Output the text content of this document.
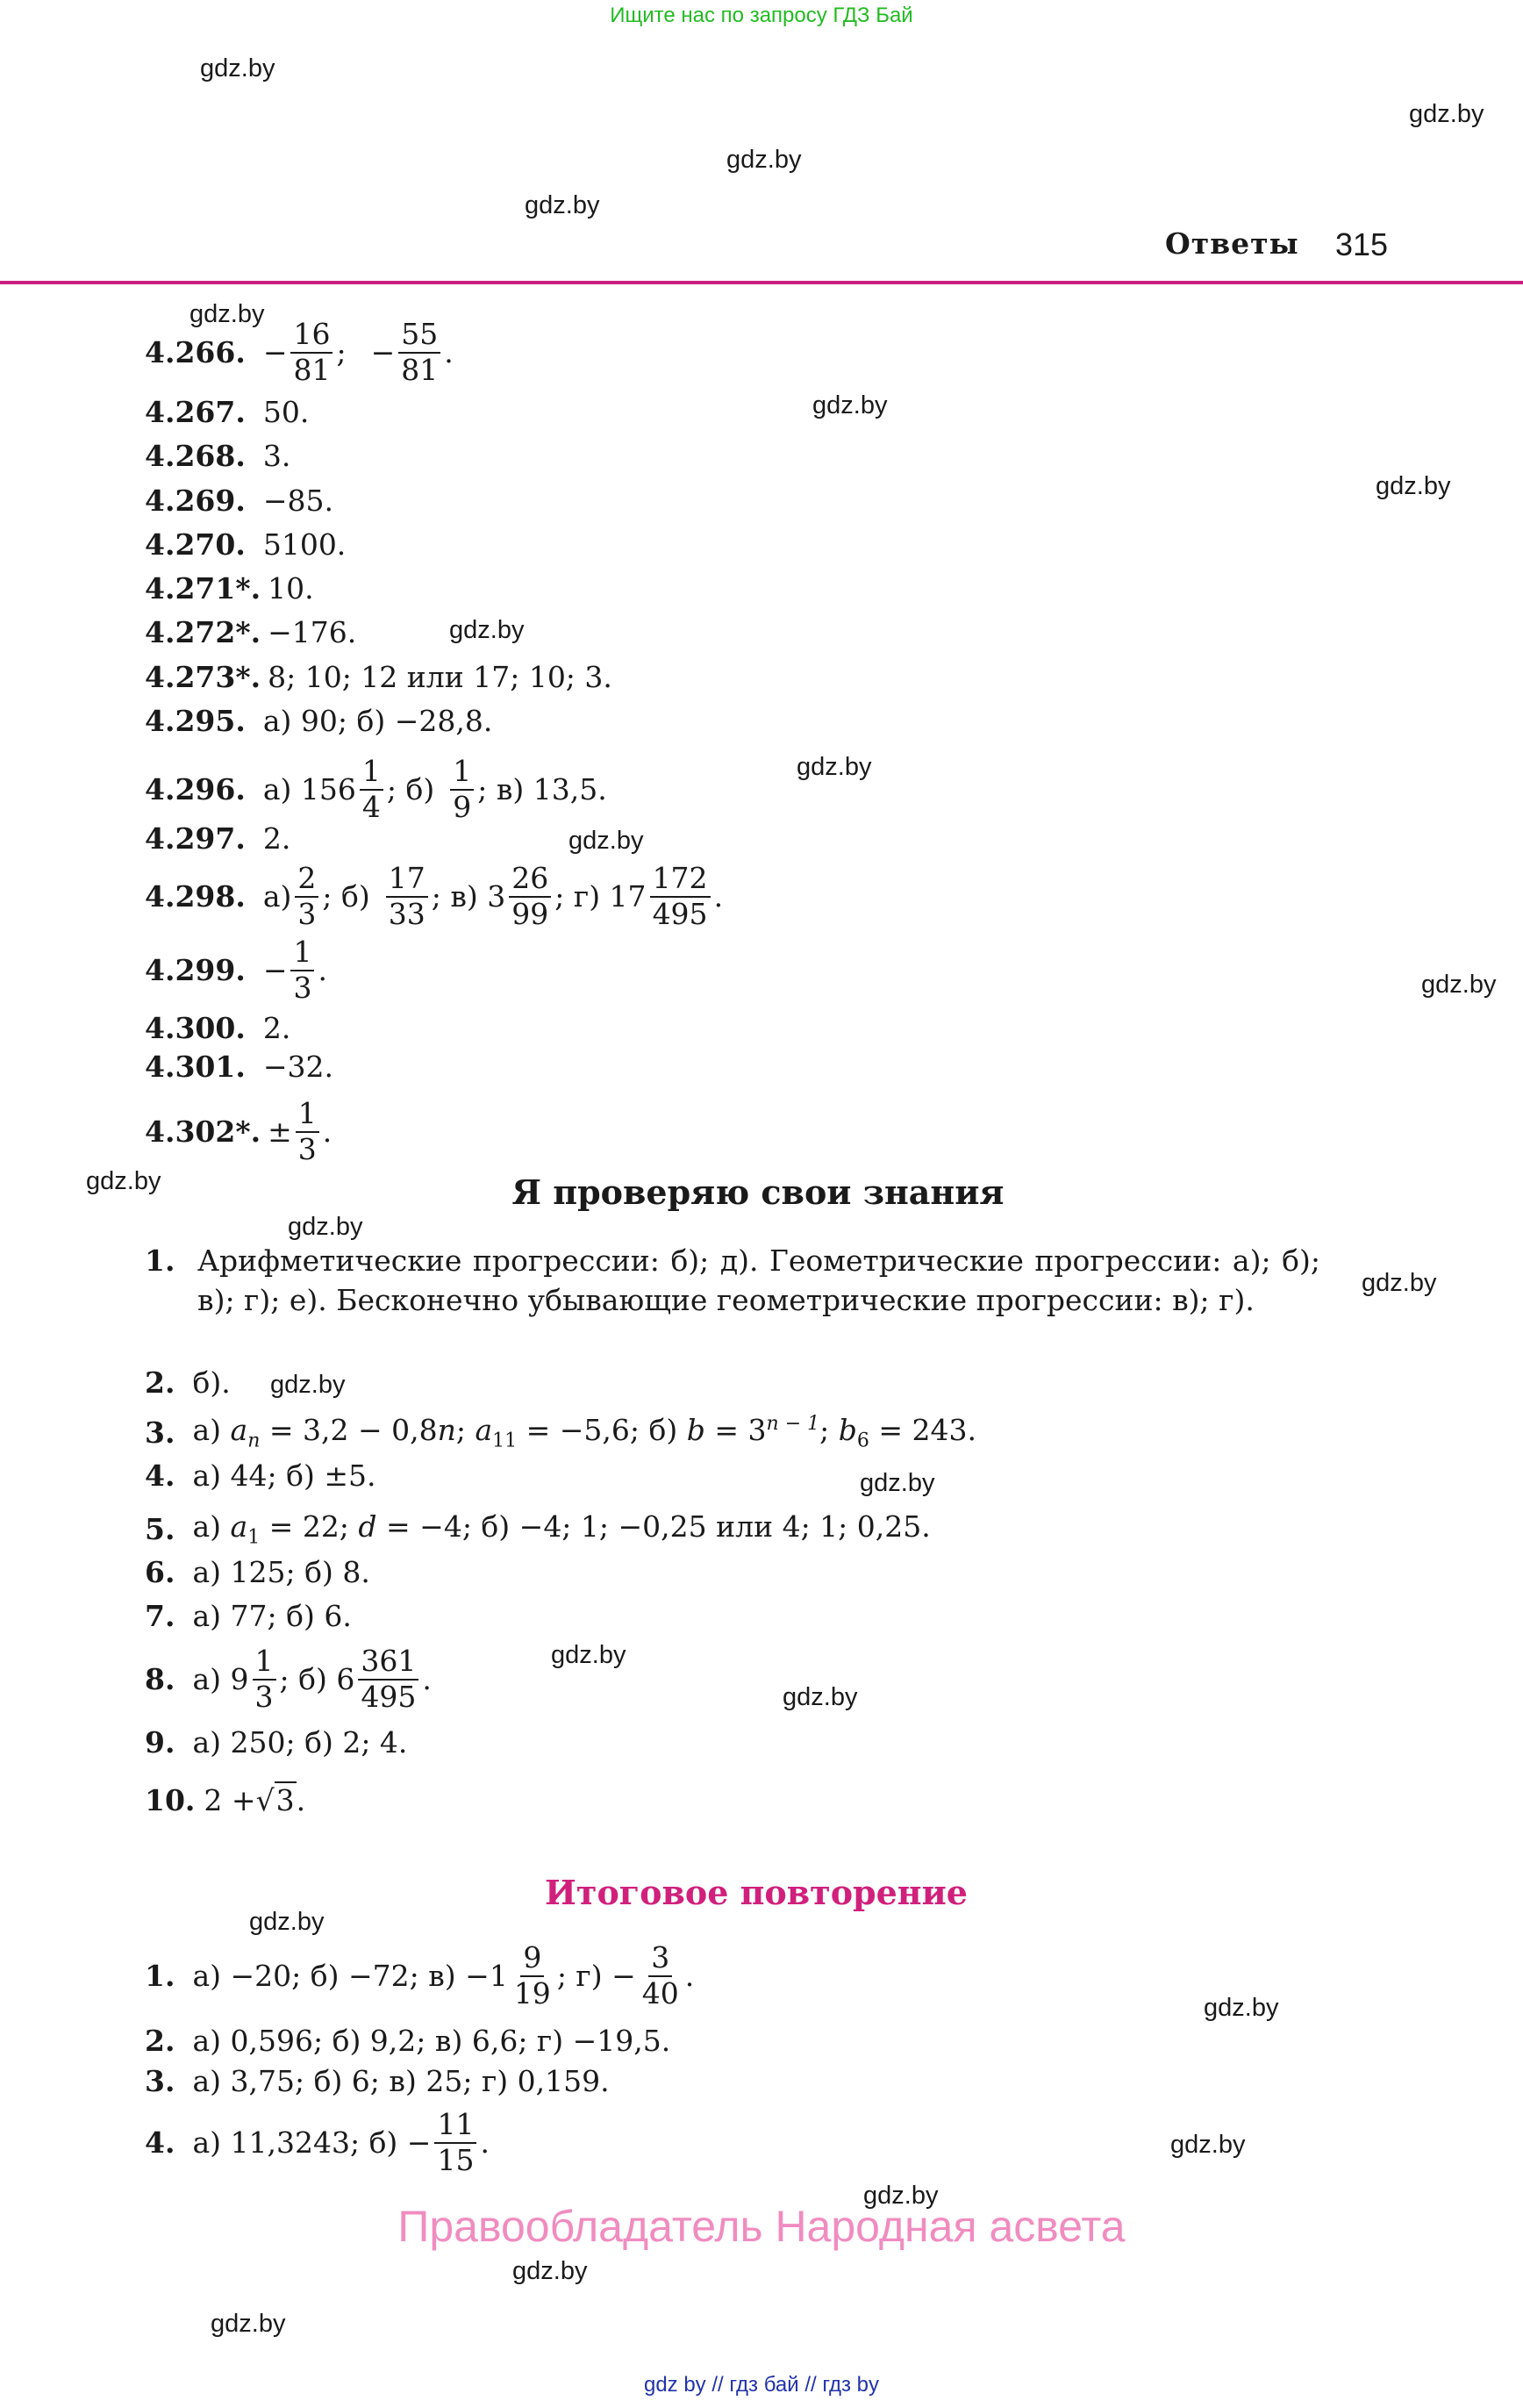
Ищите нас по запросу ГДЗ Бай
Ответы 315
gdz.by
gdz.by
gdz.by
gdz.by
gdz.by
gdz.by
gdz.by
gdz.by
gdz.by
gdz.by
gdz.by
gdz.by
gdz.by
gdz.by
gdz.by
gdz.by
gdz.by
gdz.by
gdz.by
gdz.by
gdz.by
gdz.by
gdz.by
gdz.by
4.266. − $\frac{16}{81}$ ; − $\frac{55}{81}$ .
4.267. 50.
4.268. 3.
4.269. −85.
4.270. 5100.
4.271*. 10.
4.272*. −176.
4.273*. 8; 10; 12 или 17; 10; 3.
4.295. а) 90; б) −28,8.
4.296. а) $156 \frac{1}{4}$ ; $б) \frac{1}{9}$ ; в) 13,5.
4.297. 2.
4.298. $а) \frac{2}{3}$ ; $б) \frac{17}{33}$ ; в) $3 \frac{26}{99}$ ; г) $17 \frac{172}{495}$ .
4.299. − $\frac{1}{3}$ .
4.300. 2.
4.301. −32.
4.302*. ± $\frac{1}{3}$ .
Я проверяю свои знания
1. Арифметические прогрессии: б); д). Геометрические прогрессии: а); б); в); г); е). Бесконечно убывающие геометрические прогрессии: в); г).
2. б).
3. а) $a_n = 3,2 - 0,8n$; $a_{11} = -5,6$; б) $b = 3^{n - 1}$; $b_6 = 243$.
4. а) 44; б) ±5.
5. а) $a_1 = 22$; d = −4; б) −4; 1; −0,25 или 4; 1; 0,25.
6. а) 125; б) 8.
7. а) 77; б) 6.
8. а) $9 \frac{1}{3}$ ; б) $6 \frac{361}{495}$ .
9. а) 250; б) 2; 4.
10. 2 + √3 .
Итоговое повторение
1. а) −20; б) −72; $в) -1 \frac{9}{19}$ ; $г) - \frac{3}{40}$ .
2. а) 0,596; б) 9,2; в) 6,6; г) −19,5.
3. а) 3,75; б) 6; в) 25; г) 0,159.
4. а) 11,3243; $б) - \frac{11}{15}$ .
Правообладатель Народная асвета
gdz by // гдз бай // гдз by
